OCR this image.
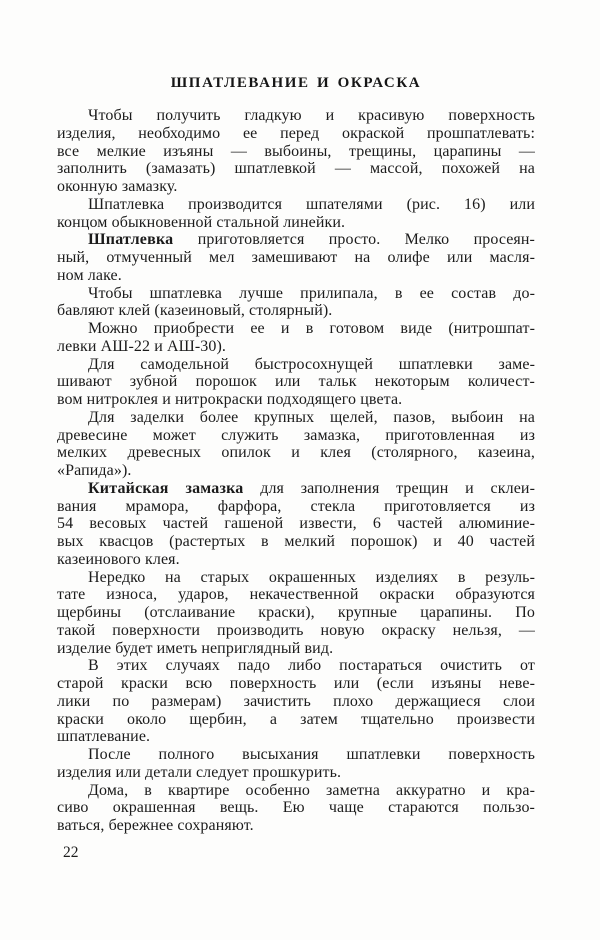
ШПАТЛЕВАНИЕ И ОКРАСКА
Чтобы получить гладкую и красивую поверхность
изделия, необходимо ее перед окраской прошпатлевать:
все мелкие изъяны — выбоины, трещины, царапины —
заполнить (замазать) шпатлевкой — массой, похожей на
оконную замазку.
Шпатлевка производится шпателями (рис. 16) или
концом обыкновенной стальной линейки.
Шпатлевка приготовляется просто. Мелко просеян-
ный, отмученный мел замешивают на олифе или масля-
ном лаке.
Чтобы шпатлевка лучше прилипала, в ее состав до-
бавляют клей (казеиновый, столярный).
Можно приобрести ее и в готовом виде (нитрошпат-
левки АШ-22 и АШ-30).
Для самодельной быстросохнущей шпатлевки заме-
шивают зубной порошок или тальк некоторым количест-
вом нитроклея и нитрокраски подходящего цвета.
Для заделки более крупных щелей, пазов, выбоин на
древесине может служить замазка, приготовленная из
мелких древесных опилок и клея (столярного, казеина,
«Рапида»).
Китайская замазка для заполнения трещин и склеи-
вания мрамора, фарфора, стекла приготовляется из
54 весовых частей гашеной извести, 6 частей алюминие-
вых квасцов (растертых в мелкий порошок) и 40 частей
казеинового клея.
Нередко на старых окрашенных изделиях в резуль-
тате износа, ударов, некачественной окраски образуются
щербины (отслаивание краски), крупные царапины. По
такой поверхности производить новую окраску нельзя, —
изделие будет иметь неприглядный вид.
В этих случаях падо либо постараться очистить от
старой краски всю поверхность или (если изъяны неве-
лики по размерам) зачистить плохо держащиеся слои
краски около щербин, а затем тщательно произвести
шпатлевание.
После полного высыхания шпатлевки поверхность
изделия или детали следует прошкурить.
Дома, в квартире особенно заметна аккуратно и кра-
сиво окрашенная вещь. Ею чаще стараются пользо-
ваться, бережнее сохраняют.
22
